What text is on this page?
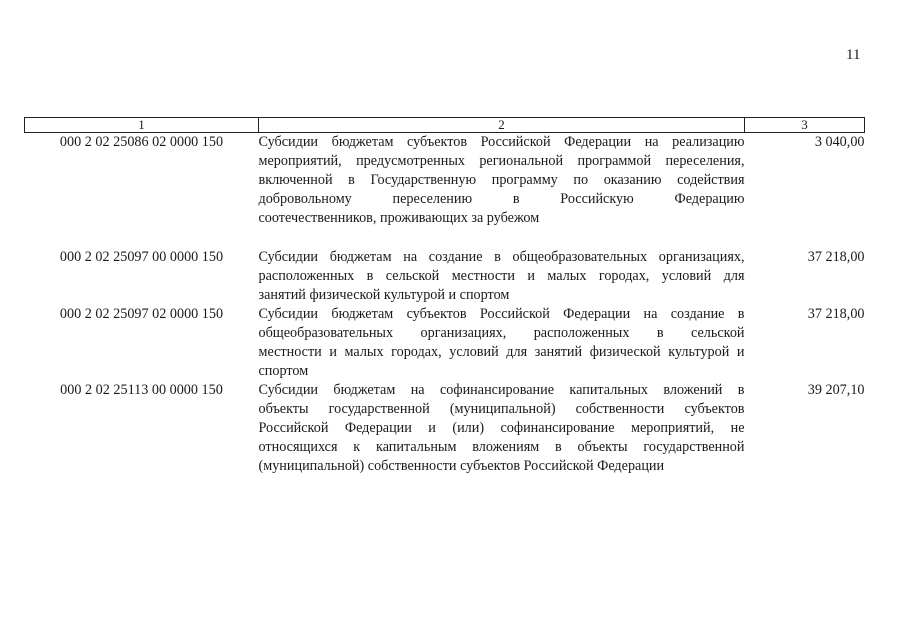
11
1	2	3
000 2 02 25086 02 0000 150	Субсидии бюджетам субъектов Российской Федерации на реализацию
мероприятий, предусмотренных региональной программой переселения,
включенной в Государственную программу по оказанию содействия
добровольному переселению в Российскую Федерацию
соотечественников, проживающих за рубежом	3 040,00

000 2 02 25097 00 0000 150	Субсидии бюджетам на создание в общеобразовательных организациях,
расположенных в сельской местности и малых городах, условий для
занятий физической культурой и спортом	37 218,00
000 2 02 25097 02 0000 150	Субсидии бюджетам субъектов Российской Федерации на создание в
общеобразовательных организациях, расположенных в сельской
местности и малых городах, условий для занятий физической культурой и
спортом	37 218,00
000 2 02 25113 00 0000 150	Субсидии бюджетам на софинансирование капитальных вложений в
объекты государственной (муниципальной) собственности субъектов
Российской Федерации и (или) софинансирование мероприятий, не
относящихся к капитальным вложениям в объекты государственной
(муниципальной) собственности субъектов Российской Федерации	39 207,10
